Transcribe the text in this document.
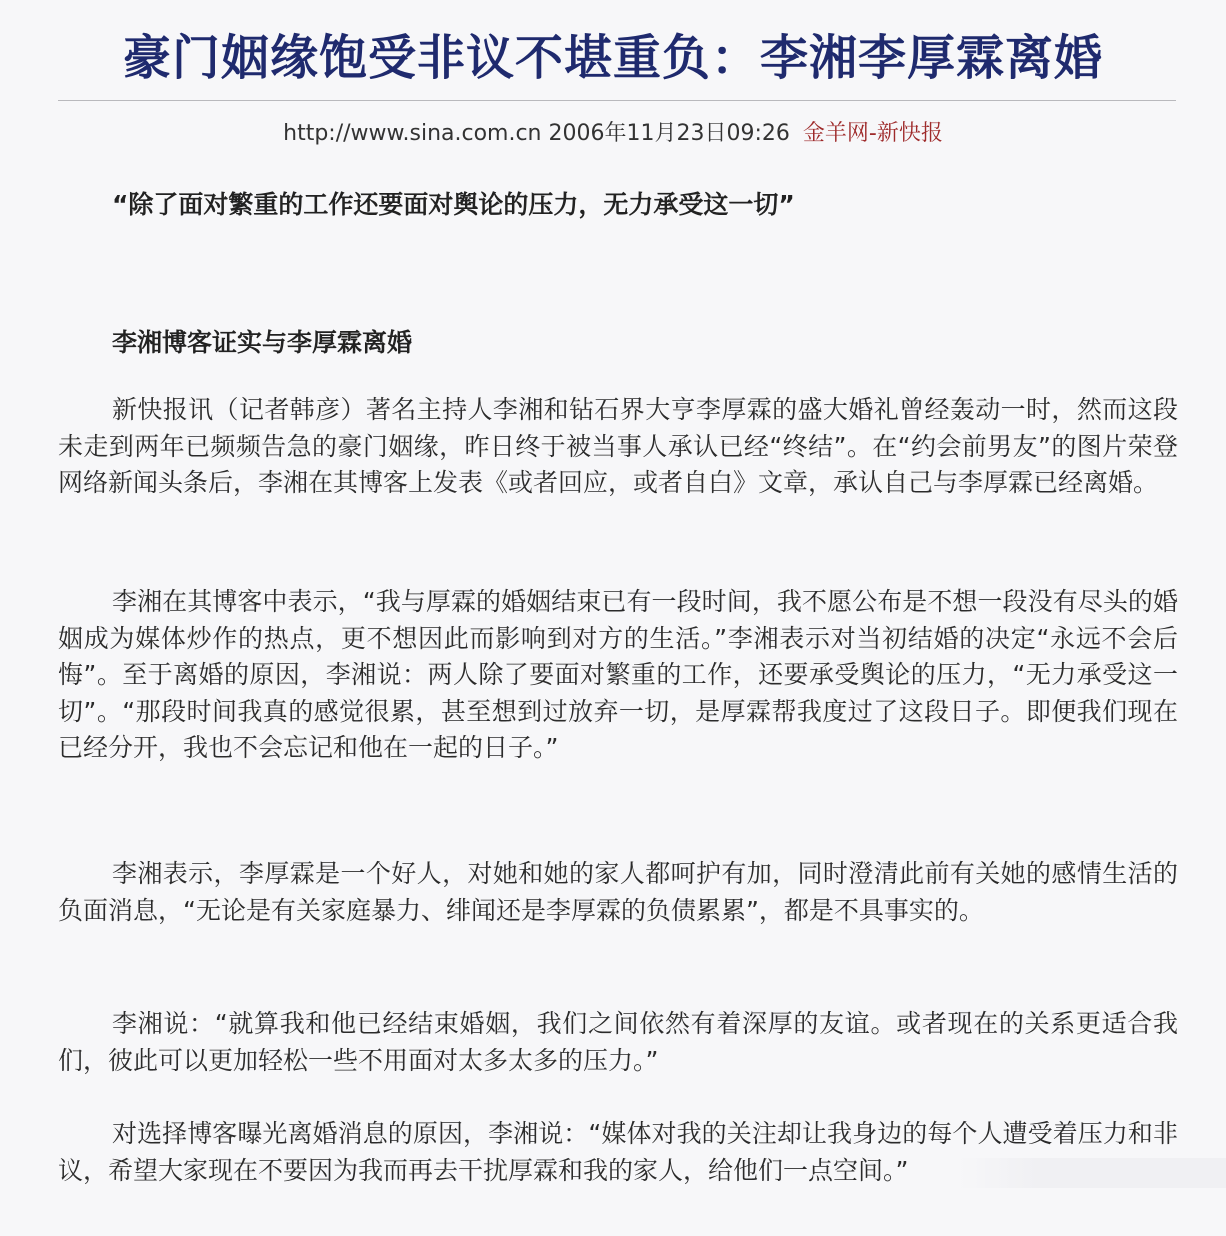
豪门姻缘饱受非议不堪重负：李湘李厚霖离婚
http://www.sina.com.cn 2006年11月23日09:26 金羊网-新快报

“除了面对繁重的工作还要面对舆论的压力，无力承受这一切”

李湘博客证实与李厚霖离婚

新快报讯（记者韩彦）著名主持人李湘和钻石界大亨李厚霖的盛大婚礼曾经轰动一时，然而这段未走到两年已频频告急的豪门姻缘，昨日终于被当事人承认已经“终结”。在“约会前男友”的图片荣登网络新闻头条后，李湘在其博客上发表《或者回应，或者自白》文章，承认自己与李厚霖已经离婚。

李湘在其博客中表示，“我与厚霖的婚姻结束已有一段时间，我不愿公布是不想一段没有尽头的婚姻成为媒体炒作的热点，更不想因此而影响到对方的生活。”李湘表示对当初结婚的决定“永远不会后悔”。至于离婚的原因，李湘说：两人除了要面对繁重的工作，还要承受舆论的压力，“无力承受这一切”。“那段时间我真的感觉很累，甚至想到过放弃一切，是厚霖帮我度过了这段日子。即便我们现在已经分开，我也不会忘记和他在一起的日子。”

李湘表示，李厚霖是一个好人，对她和她的家人都呵护有加，同时澄清此前有关她的感情生活的负面消息，“无论是有关家庭暴力、绯闻还是李厚霖的负债累累”，都是不具事实的。

李湘说：“就算我和他已经结束婚姻，我们之间依然有着深厚的友谊。或者现在的关系更适合我们，彼此可以更加轻松一些不用面对太多太多的压力。”

对选择博客曝光离婚消息的原因，李湘说：“媒体对我的关注却让我身边的每个人遭受着压力和非议，希望大家现在不要因为我而再去干扰厚霖和我的家人，给他们一点空间。”
